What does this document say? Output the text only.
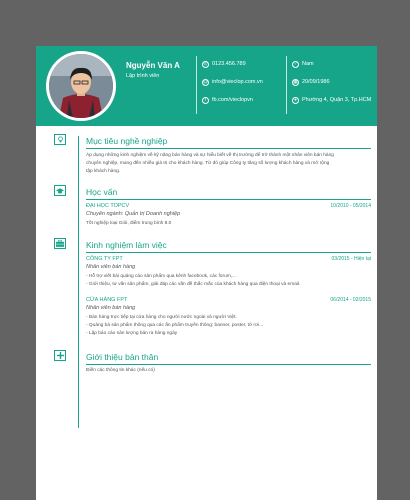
Nguyễn Văn A
Lập trình viên
✆ 0123.456.789
@ info@vieclop.com.vn
f	fb.com/vieclopvn
♂ Nam
▦ 20/09/1986
● Phường 4, Quận 3, Tp.HCM
Mục tiêu nghề nghiệp
Áp dụng những kinh nghiệm về kỹ năng bán hàng và sự hiểu biết về thị trường để trở thành một nhân viên bán hàng
chuyên nghiệp, mang đến nhiều giá trị cho khách hàng. Từ đó giúp Công ty tăng số lượng khách hàng và mở rộng
tập khách hàng.
Học vấn
ĐẠI HỌC TOPCV	10/2010 - 05/2014
Chuyên ngành: Quản trị Doanh nghiệp
Tốt nghiệp loại Giỏi, điểm trung bình 8.0
Kinh nghiệm làm việc
CÔNG TY FPT	03/2015 - Hiện tại
Nhân viên bán hàng
- Hỗ trợ viết bài quảng cáo sản phẩm qua kênh facebook, các forum,...
- Giới thiệu, tư vấn sản phẩm, giải đáp các vấn đề thắc mắc của khách hàng qua điện thoại và email.
CỬA HÀNG FPT	06/2014 - 02/2015
Nhân viên bán hàng
- Bán hàng trực tiếp tại cửa hàng cho người nước ngoài và người Việt.
- Quảng bá sản phẩm thông qua các ấn phẩm truyền thông: banner, poster, tờ rơi...
- Lập báo cáo sản lượng bán ra hàng ngày
Giới thiệu bản thân
Điền các thông tin khác (nếu có)
